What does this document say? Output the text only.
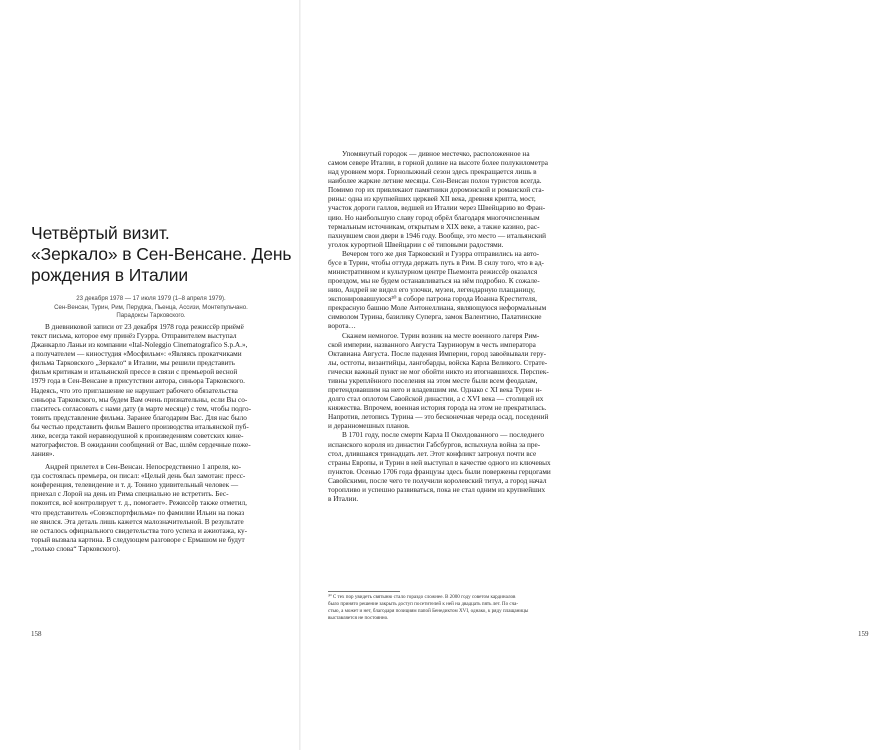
Четвёртый визит.
«Зеркало» в Сен-Венсане. День
рождения в Италии
23 декабря 1978 — 17 июля 1979 (1–8 апреля 1979).
Сен-Венсан, Турин, Рим, Перуджа, Пьенца, Ассизи, Монтепульчано.
Парадоксы Тарковского.
В дневниковой записи от 23 декабря 1978 года режиссёр приёмё
текст письма, которое ему принёз Гуэрра. Отправителем выступал
Джанкарло Ланьи из компании «Ital-Noleggio Cinematografico S.p.A.»,
а получателем — киностудия «Мосфильм»: «Являясь прокатчиками
фильма Тарковского „Зеркало“ в Италии, мы решили представить
фильм критикам и итальянской прессе в связи с премьерой весной
1979 года в Сен-Венсане в присутствии автора, синьора Тарковского.
Надеясь, что это приглашение не нарушает рабочего обязательства
синьора Тарковского, мы будем Вам очень признательны, если Вы со-
гласитесь согласовать с нами дату (в марте месяце) с тем, чтобы подго-
товить представление фильма. Заранее благодарим Вас. Для нас было
бы честью представить фильм Вашего производства итальянской пуб-
лике, всегда такой неравнодушной к произведениям советских кине-
матографистов. В ожидании сообщений от Вас, шлём сердечные поже-
лания».
Андрей прилетел в Сен-Венсан. Непосредственно 1 апреля, ко-
гда состоялась премьера, он писал: «Целый день был замотан: пресс-
конференция, телевидение и т. д. Тонино удивительный человек —
приехал с Лорой на день из Рима специально не встретить. Бес-
покоится, всё контролирует т. д., помогает». Режиссёр также отметил,
что представитель «Совэкспортфильма» по фамилии Ильин на показ
не явился. Эта деталь лишь кажется малозначительной. В результате
не осталось официального свидетельства того успеха и ажиотажа, ку-
торый вызвала картина. В следующем разговоре с Ермашом не будут
„только слова“ Тарковского).
158
Упомянутый городок — дивное местечко, расположенное на
самом севере Италии, в горной долине на высоте более полукилометра
над уровнем моря. Горнолыжный сезон здесь прекращается лишь в
наиболее жаркие летние месяцы. Сен-Венсан полон туристов всегда.
Помимо гор их привлекают памятники доромэнской и романской ста-
рины: одна из крупнейших церквей XII века, древняя крипта, мост,
участок дороги галлов, ведшей из Италии через Швейцарию во Фран-
цию. Но наибольшую славу город обрёл благодаря многочисленным
термальным источникам, открытым в XIX веке, а также казино, рас-
пахнувшем свои двери в 1946 году. Вообще, это место — итальянский
уголок курортной Швейцарии с её типовыми радостями.
Вечером того же дня Тарковский и Гуэрра отправились на авто-
бусе в Турин, чтобы оттуда держать путь в Рим. В силу того, что в ад-
министративном и культурном центре Пьемонта режиссёр оказался
проездом, мы не будем останавливаться на нём подробно. К сожале-
нию, Андрей не видел его улочки, музеи, легендарную плащаницу,
экспонировавшуюся³⁰ в соборе патрона города Иоанна Крестителя,
прекрасную башню Моле Антонеллиана, являющуюся неформальным
символом Турина, базилику Суперга, замок Валентино, Палатинские
ворота…
Скажем немногое. Турин возник на месте военного лагеря Рим-
ской империи, названного Августа Тауринорум в честь императора
Октавиана Августа. После падения Империи, город завоёвывали геру-
лы, остготы, византийцы, лангобарды, войска Карла Великого. Страте-
гически важный пункт не мог обойти никто из втогнавшихся. Перспек-
тивны укреплённого поселения на этом месте были всем феодалам,
претендовавшим на него и владевшим им. Однако с XI века Турин н-
долго стал оплотом Савойской династии, а с XVI века — столицей их
княжества. Впрочем, военная история города на этом не прекратилась.
Напротив, летопись Турина — это бесконечная череда осад, поседений
и деранномешных планов.
В 1701 году, после смерти Карла II Околдованного — последнего
испанского короля из династии Габсбургов, вспыхнула война за пре-
стол, длившаяся тринадцать лет. Этот конфликт затронул почти все
страны Европы, и Турин в ней выступал в качестве одного из ключевых
пунктов. Осенью 1706 года французы здесь были повержены герцогами
Савойскими, после чего те получили королевский титул, а город начал
торопливо и успешно развиваться, пока не стал одним из крупнейших
в Италии.
³⁰ С тех пор увидеть святыню стало гораздо сложнее. В 2000 году советом кардиналов
было принято решение закрыть доступ посетителей к ней на двадцать пять лет. По сча-
стью, а может и нет, благодаря позициям папой Бенедиктом XVI, однако, к ряду плащаницы
выставляется не постоянно.
159
